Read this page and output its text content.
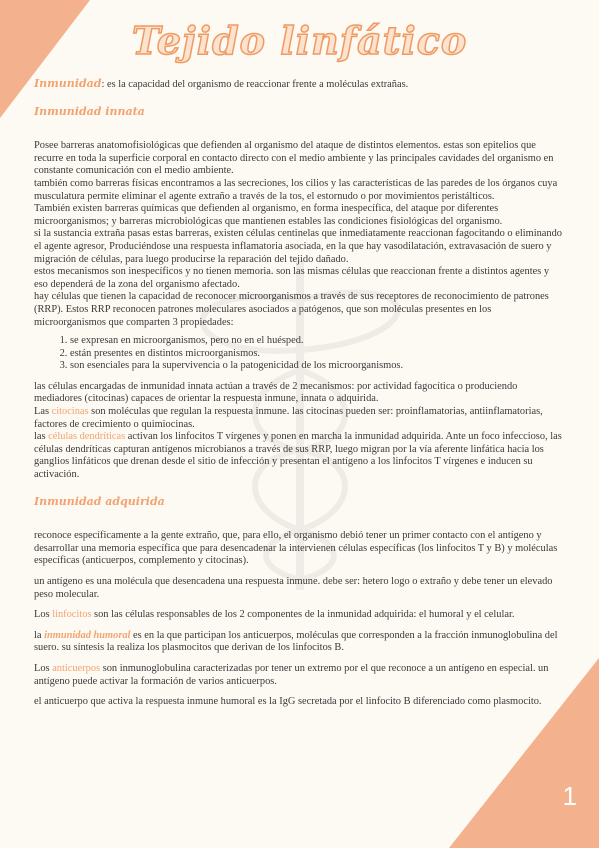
1
Tejido linfático

Inmunidad: es la capacidad del organismo de reaccionar frente a moléculas extrañas.

Inmunidad innata

Posee barreras anatomofisiológicas que defienden al organismo del ataque de distintos elementos. estas son epitelios que recurre en toda la superficie corporal en contacto directo con el medio ambiente y las principales cavidades del organismo en constante comunicación con el medio ambiente.

también como barreras físicas encontramos a las secreciones, los cilios y las características de las paredes de los órganos cuya musculatura permite eliminar el agente extraño a través de la tos, el estornudo o por movimientos peristálticos.

También existen barreras químicas que defienden al organismo, en forma inespecífica, del ataque por diferentes microorganismos; y barreras microbiológicas que mantienen estables las condiciones fisiológicas del organismo.

si la sustancia extraña pasas estas barreras, existen células centinelas que inmediatamente reaccionan fagocitando o eliminando el agente agresor, Produciéndose una respuesta inflamatoria asociada, en la que hay vasodilatación, extravasación de suero y migración de células, para luego producirse la reparación del tejido dañado.

estos mecanismos son inespecíficos y no tienen memoria. son las mismas células que reaccionan frente a distintos agentes y eso dependerá de la zona del organismo afectado.

hay células que tienen la capacidad de reconocer microorganismos a través de sus receptores de reconocimiento de patrones (RRP). Estos RRP reconocen patrones moleculares asociados a patógenos, que son moléculas presentes en los microorganismos que comparten 3 propiedades:

1. se expresan en microorganismos, pero no en el huésped.
2. están presentes en distintos microorganismos.
3. son esenciales para la supervivencia o la patogenicidad de los microorganismos.

las células encargadas de inmunidad innata actúan a través de 2 mecanismos: por actividad fagocítica o produciendo mediadores (citocinas) capaces de orientar la respuesta inmune, innata o adquirida.

Las citocinas son moléculas que regulan la respuesta inmune. las citocinas pueden ser: proinflamatorias, antiinflamatorias, factores de crecimiento o quimiocinas.

las células dendríticas activan los linfocitos T vírgenes y ponen en marcha la inmunidad adquirida. Ante un foco infeccioso, las células dendríticas capturan antígenos microbianos a través de sus RRP, luego migran por la vía aferente linfática hacia los ganglios linfáticos que drenan desde el sitio de infección y presentan el antígeno a los linfocitos T vírgenes e inducen su activación.

Inmunidad adquirida

reconoce específicamente a la gente extraño, que, para ello, el organismo debió tener un primer contacto con el antígeno y desarrollar una memoria específica que para desencadenar la intervienen células específicas (los linfocitos T y B) y moléculas específicas (anticuerpos, complemento y citocinas).

un antígeno es una molécula que desencadena una respuesta inmune. debe ser: hetero logo o extraño y debe tener un elevado peso molecular.

Los linfocitos son las células responsables de los 2 componentes de la inmunidad adquirida: el humoral y el celular.

la inmunidad humoral es en la que participan los anticuerpos, moléculas que corresponden a la fracción inmunoglobulina del suero. su síntesis la realiza los plasmocitos que derivan de los linfocitos B.

Los anticuerpos son inmunoglobulina caracterizadas por tener un extremo por el que reconoce a un antígeno en especial. un antígeno puede activar la formación de varios anticuerpos.

el anticuerpo que activa la respuesta inmune humoral es la IgG secretada por el linfocito B diferenciado como plasmocito.
